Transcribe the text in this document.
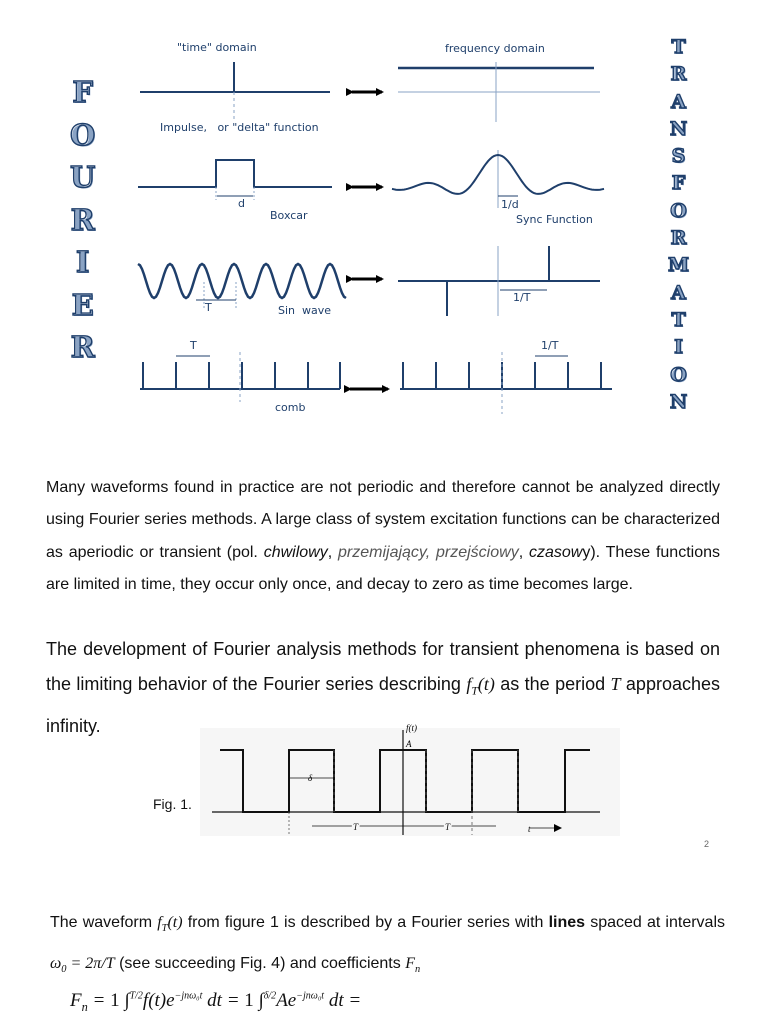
"time" domain	frequency domain
Impulse,   or "delta" function
d
Boxcar
1/d
Sync Function
T	Sin  wave
1/T
T
comb
1/T
f(t)
A
δ
T	T	t
F
O
U
R
I
E
R
T
R
A
N
S
F
O
R
M
A
T
I
O
N

Many waveforms found in practice are not periodic and therefore cannot be analyzed directly using Fourier series methods. A large class of system excitation functions can be characterized as aperiodic or transient (pol. chwilowy, przemijający, przejściowy, czasowy). These functions are limited in time, they occur only once, and decay to zero as time becomes large.

The development of Fourier analysis methods for transient phenomena is based on the limiting behavior of the Fourier series describing $f_T(t)$ as the period T approaches infinity.

Fig. 1.
2

The waveform $f_T(t)$ from figure 1 is described by a Fourier series with lines spaced at intervals $\omega_0 = 2\pi/T$ (see succeeding Fig. 4) and coefficients $F_n$

$F_n = 1$ $\int^{T/2}f(t)e^{-jn\omega_0t}$ dt = 1 $\int^{\delta/2}Ae^{-jn\omega_0t}$ dt =
